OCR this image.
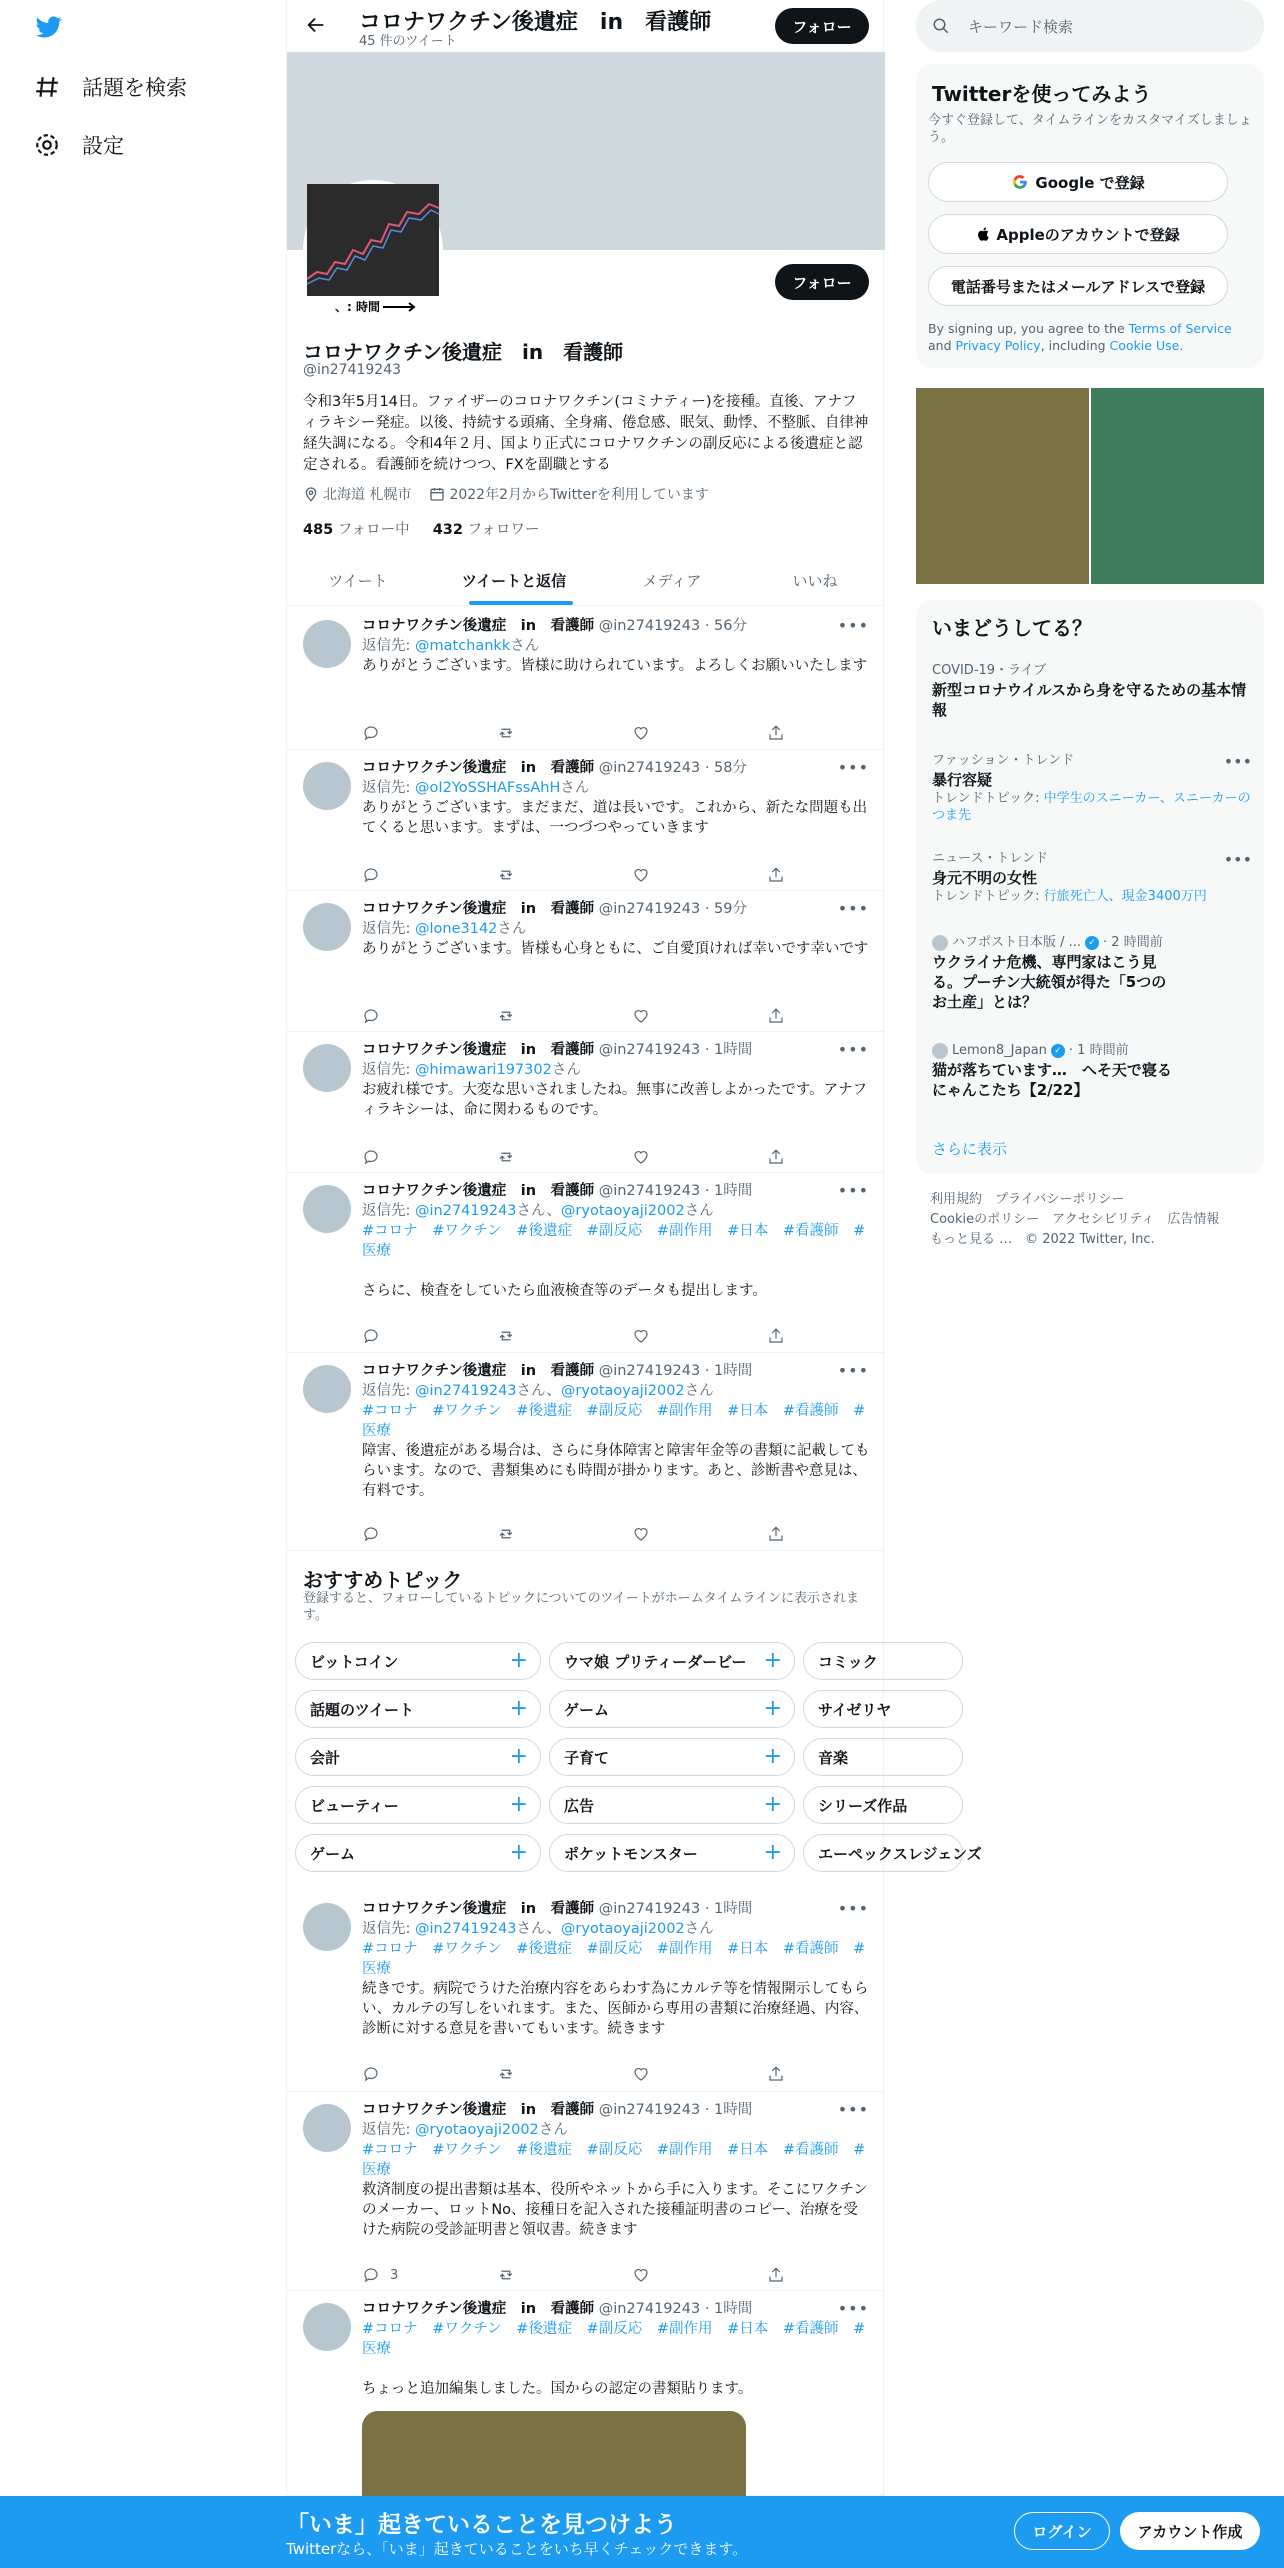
話題を検索
設定
コロナワクチン後遺症　in　看護師
45 件のツイート
フォロー
​、: 時間
フォロー
コロナワクチン後遺症　in　看護師
@in27419243
令和3年5月14日。ファイザーのコロナワクチン(コミナティー)を接種。直後、アナフィラキシー発症。以後、持続する頭痛、全身痛、倦怠感、眠気、動悸、不整脈、自律神経失調になる。令和4年２月、国より正式にコロナワクチンの副反応による後遺症と認定される。看護師を続けつつ、FXを副職とする
北海道 札幌市	2022年2月からTwitterを利用しています
485 フォロー中 432 フォロワー
ツイート	ツイートと返信	メディア	いいね
•••
コロナワクチン後遺症　in　看護師 @in27419243 · 56分
返信先: @matchankkさん
ありがとうございます。皆様に助けられています。よろしくお願いいたします
•••
コロナワクチン後遺症　in　看護師 @in27419243 · 58分
返信先: @oI2YoSSHAFssAhHさん
ありがとうございます。まだまだ、道は長いです。これから、新たな問題も出てくると思います。まずは、一つづつやっていきます
•••
コロナワクチン後遺症　in　看護師 @in27419243 · 59分
返信先: @lone3142さん
ありがとうございます。皆様も心身ともに、ご自愛頂ければ幸いです幸いです
•••
コロナワクチン後遺症　in　看護師 @in27419243 · 1時間
返信先: @himawari197302さん
お疲れ様です。大変な思いされましたね。無事に改善しよかったです。アナフィラキシーは、命に関わるものです。
•••
コロナワクチン後遺症　in　看護師 @in27419243 · 1時間
返信先: @in27419243さん、@ryotaoyaji2002さん
#コロナ #ワクチン #後遺症 #副反応 #副作用 #日本 #看護師 #医療
さらに、検査をしていたら血液検査等のデータも提出します。
•••
コロナワクチン後遺症　in　看護師 @in27419243 · 1時間
返信先: @in27419243さん、@ryotaoyaji2002さん
#コロナ #ワクチン #後遺症 #副反応 #副作用 #日本 #看護師 #医療
障害、後遺症がある場合は、さらに身体障害と障害年金等の書類に記載してもらいます。なので、書類集めにも時間が掛かります。あと、診断書や意見は、有料です。
•••
コロナワクチン後遺症　in　看護師 @in27419243 · 1時間
返信先: @in27419243さん、@ryotaoyaji2002さん
#コロナ #ワクチン #後遺症 #副反応 #副作用 #日本 #看護師 #医療
続きです。病院でうけた治療内容をあらわす為にカルテ等を情報開示してもらい、カルテの写しをいれます。また、医師から専用の書類に治療経過、内容、診断に対する意見を書いてもいます。続きます
•••
コロナワクチン後遺症　in　看護師 @in27419243 · 1時間
返信先: @ryotaoyaji2002さん
#コロナ #ワクチン #後遺症 #副反応 #副作用 #日本 #看護師 #医療
救済制度の提出書類は基本、役所やネットから手に入ります。そこにワクチンのメーカー、ロットNo、接種日を記入された接種証明書のコピー、治療を受けた病院の受診証明書と領収書。続きます
3
•••
コロナワクチン後遺症　in　看護師 @in27419243 · 1時間
#コロナ #ワクチン #後遺症 #副反応 #副作用 #日本 #看護師 #医療
ちょっと追加編集しました。国からの認定の書類貼ります。
おすすめトピック
登録すると、フォローしているトピックについてのツイートがホームタイムラインに表示されます。
ビットコイン	+ ウマ娘 プリティーダービー + コミック
話題のツイート	+ ゲーム	+ サイゼリヤ
会計	+ 子育て	+ 音楽
ビューティー	+ 広告	+ シリーズ作品
ゲーム	+ ポケットモンスター	+ エーペックスレジェンズ
キーワード検索
Twitterを使ってみよう
今すぐ登録して、タイムラインをカスタマイズしましょう。
Google で登録
Appleのアカウントで登録
電話番号またはメールアドレスで登録
By signing up, you agree to the Terms of Service and Privacy Policy, including Cookie Use.
いまどうしてる？
COVID-19・ライブ
新型コロナウイルスから身を守るための基本情報
ファッション・トレンド	•••
暴行容疑
トレンドトピック: 中学生のスニーカー、スニーカーのつま先
ニュース・トレンド	•••
身元不明の女性
トレンドトピック: 行旅死亡人、現金3400万円
ハフポスト日本版 / ... ✓ · 2 時間前
ウクライナ危機、専門家はこう見る。プーチン大統領が得た「5つのお土産」とは？
Lemon8_Japan ✓ · 1 時間前
猫が落ちています…　へそ天で寝るにゃんこたち【2/22】
さらに表示
利用規約　プライバシーポリシー
Cookieのポリシー　アクセシビリティ　広告情報
もっと見る …　© 2022 Twitter, Inc.
「いま」起きていることを見つけよう
Twitterなら、「いま」起きていることをいち早くチェックできます。
ログイン	アカウント作成
